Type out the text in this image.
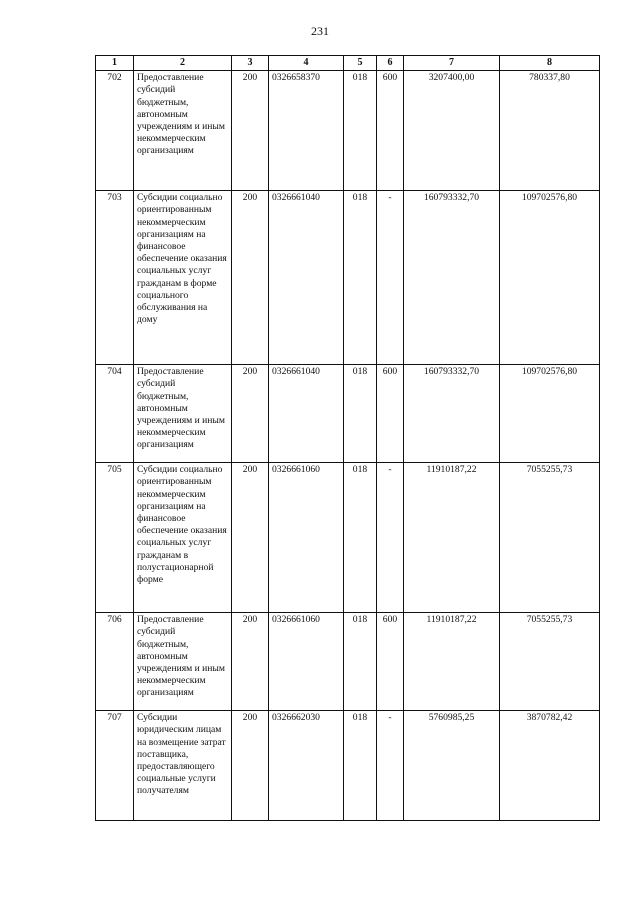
231
1	2	3	4	5	6	7	8
702	Предоставление субсидий бюджетным, автономным учреждениям и иным некоммерческим организациям	200	0326658370	018	600	3207400,00	780337,80
703	Субсидии социально ориентированным некоммерческим организациям на финансовое обеспечение оказания социальных услуг гражданам в форме социального обслуживания на дому	200	0326661040	018	-	160793332,70	109702576,80
704	Предоставление субсидий бюджетным, автономным учреждениям и иным некоммерческим организациям	200	0326661040	018	600	160793332,70	109702576,80
705	Субсидии социально ориентированным некоммерческим организациям на финансовое обеспечение оказания социальных услуг гражданам в полустационарной форме	200	0326661060	018	-	11910187,22	7055255,73
706	Предоставление субсидий бюджетным, автономным учреждениям и иным некоммерческим организациям	200	0326661060	018	600	11910187,22	7055255,73
707	Субсидии юридическим лицам на возмещение затрат поставщика, предоставляющего социальные услуги получателям	200	0326662030	018	-	5760985,25	3870782,42
